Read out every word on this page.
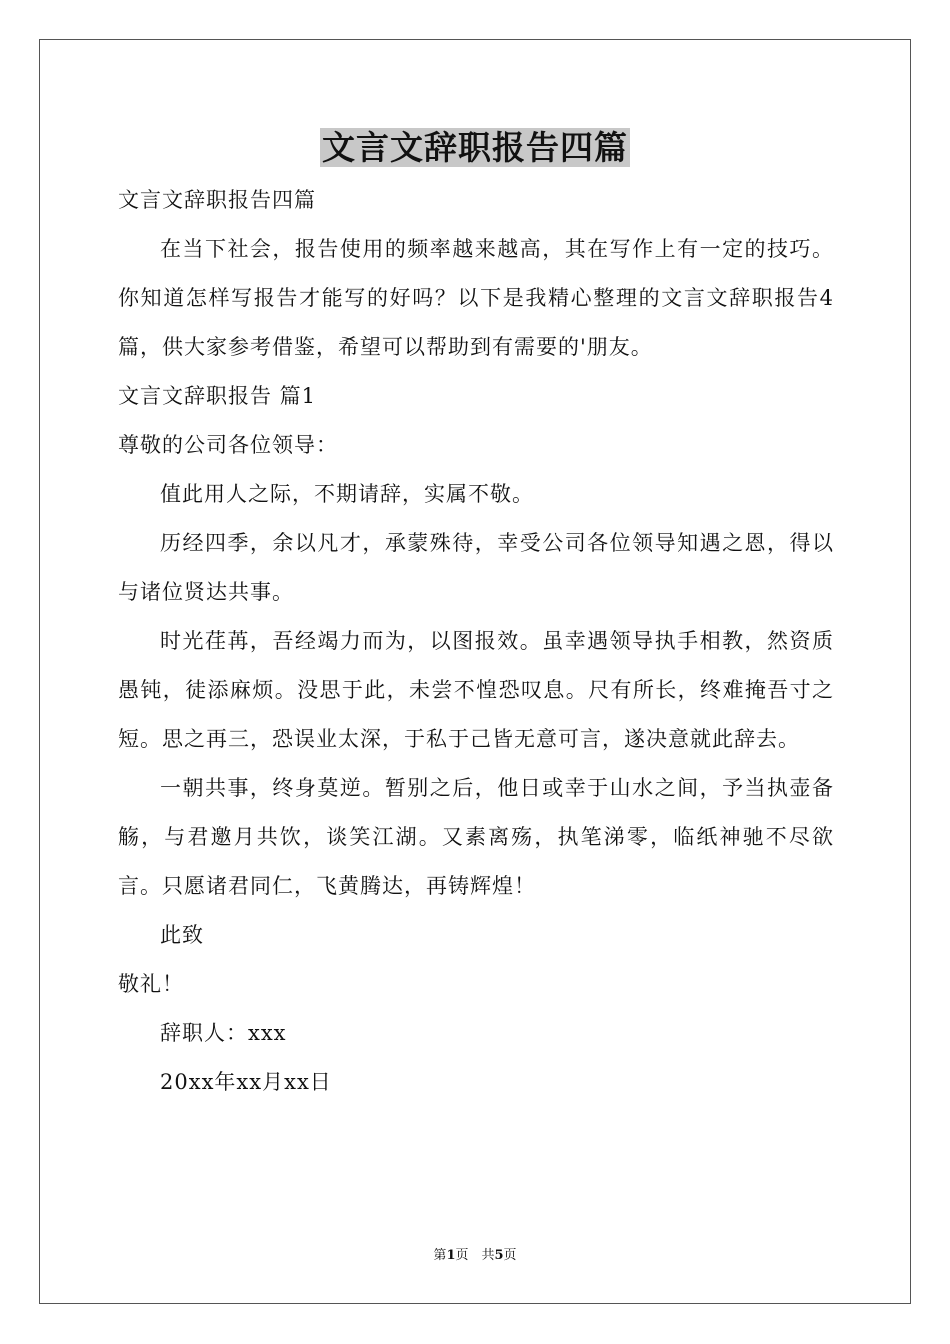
文言文辞职报告四篇

文言文辞职报告四篇

在当下社会，报告使用的频率越来越高，其在写作上有一定的技巧。你知道怎样写报告才能写的好吗？以下是我精心整理的文言文辞职报告4篇，供大家参考借鉴，希望可以帮助到有需要的'朋友。

文言文辞职报告 篇1

尊敬的公司各位领导：

值此用人之际，不期请辞，实属不敬。

历经四季，余以凡才，承蒙殊待，幸受公司各位领导知遇之恩，得以与诸位贤达共事。

时光荏苒，吾经竭力而为，以图报效。虽幸遇领导执手相教，然资质愚钝，徒添麻烦。没思于此，未尝不惶恐叹息。尺有所长，终难掩吾寸之短。思之再三，恐误业太深，于私于己皆无意可言，遂决意就此辞去。

一朝共事，终身莫逆。暂别之后，他日或幸于山水之间，予当执壶备觞，与君邀月共饮，谈笑江湖。又素离殇，执笔涕零，临纸神驰不尽欲言。只愿诸君同仁，飞黄腾达，再铸辉煌！

此致

敬礼！

辞职人：xxx

20xx年xx月xx日

第1页　共5页
